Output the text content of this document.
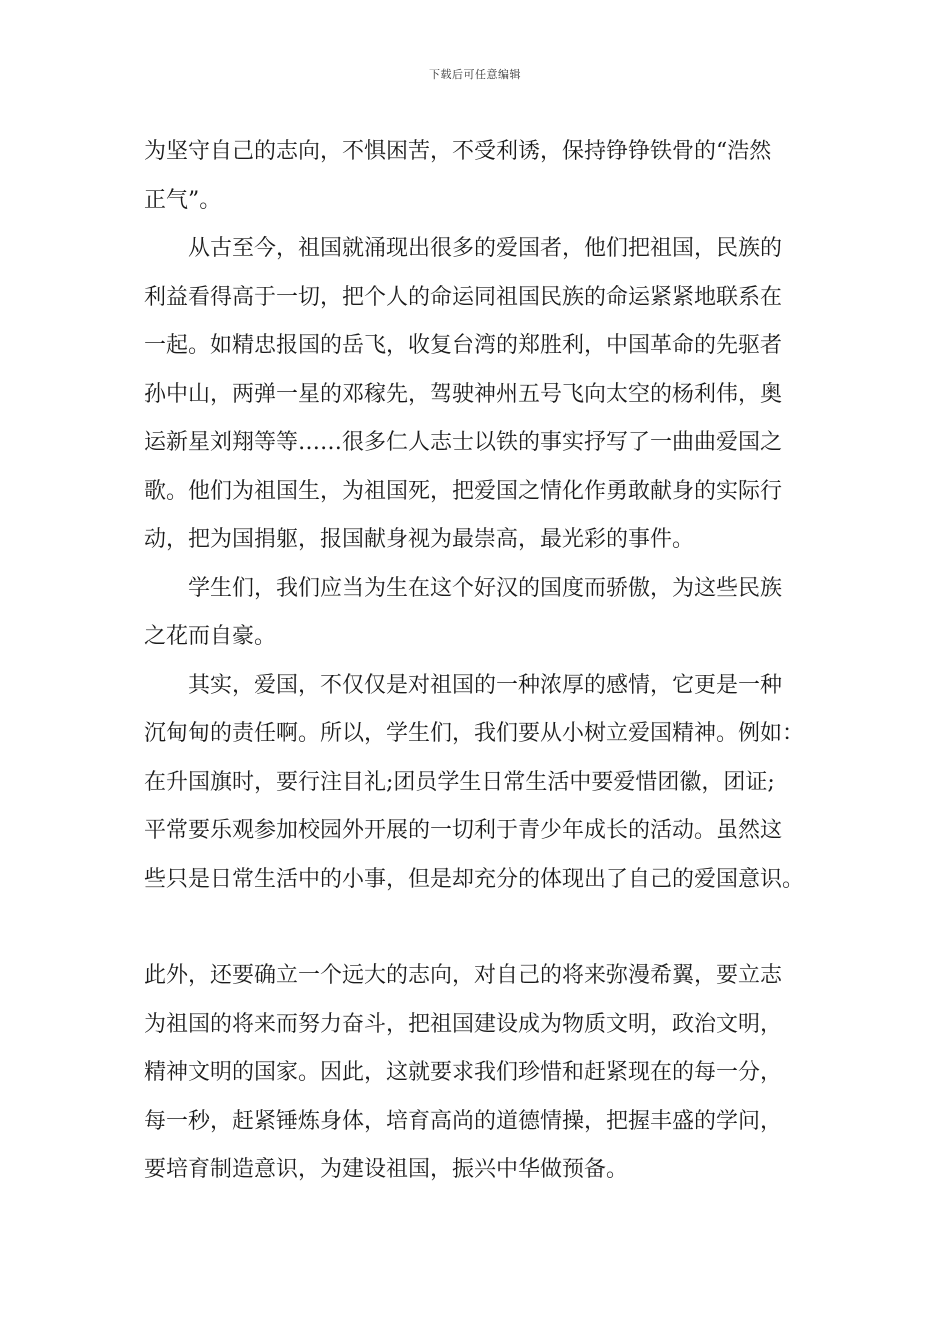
下载后可任意编辑
为坚守自己的志向，不惧困苦，不受利诱，保持铮铮铁骨的“浩然
正气”。
从古至今，祖国就涌现出很多的爱国者，他们把祖国，民族的
利益看得高于一切，把个人的命运同祖国民族的命运紧紧地联系在
一起。如精忠报国的岳飞，收复台湾的郑胜利，中国革命的先驱者
孙中山，两弹一星的邓稼先，驾驶神州五号飞向太空的杨利伟，奥
运新星刘翔等等……很多仁人志士以铁的事实抒写了一曲曲爱国之
歌。他们为祖国生，为祖国死，把爱国之情化作勇敢献身的实际行
动，把为国捐躯，报国献身视为最崇高，最光彩的事件。
学生们，我们应当为生在这个好汉的国度而骄傲，为这些民族
之花而自豪。
其实，爱国，不仅仅是对祖国的一种浓厚的感情，它更是一种
沉甸甸的责任啊。所以，学生们，我们要从小树立爱国精神。例如：
在升国旗时，要行注目礼;团员学生日常生活中要爱惜团徽，团证;
平常要乐观参加校园外开展的一切利于青少年成长的活动。虽然这
些只是日常生活中的小事，但是却充分的体现出了自己的爱国意识。
此外，还要确立一个远大的志向，对自己的将来弥漫希翼，要立志
为祖国的将来而努力奋斗，把祖国建设成为物质文明，政治文明，
精神文明的国家。因此，这就要求我们珍惜和赶紧现在的每一分，
每一秒，赶紧锤炼身体，培育高尚的道德情操，把握丰盛的学问，
要培育制造意识，为建设祖国，振兴中华做预备。
